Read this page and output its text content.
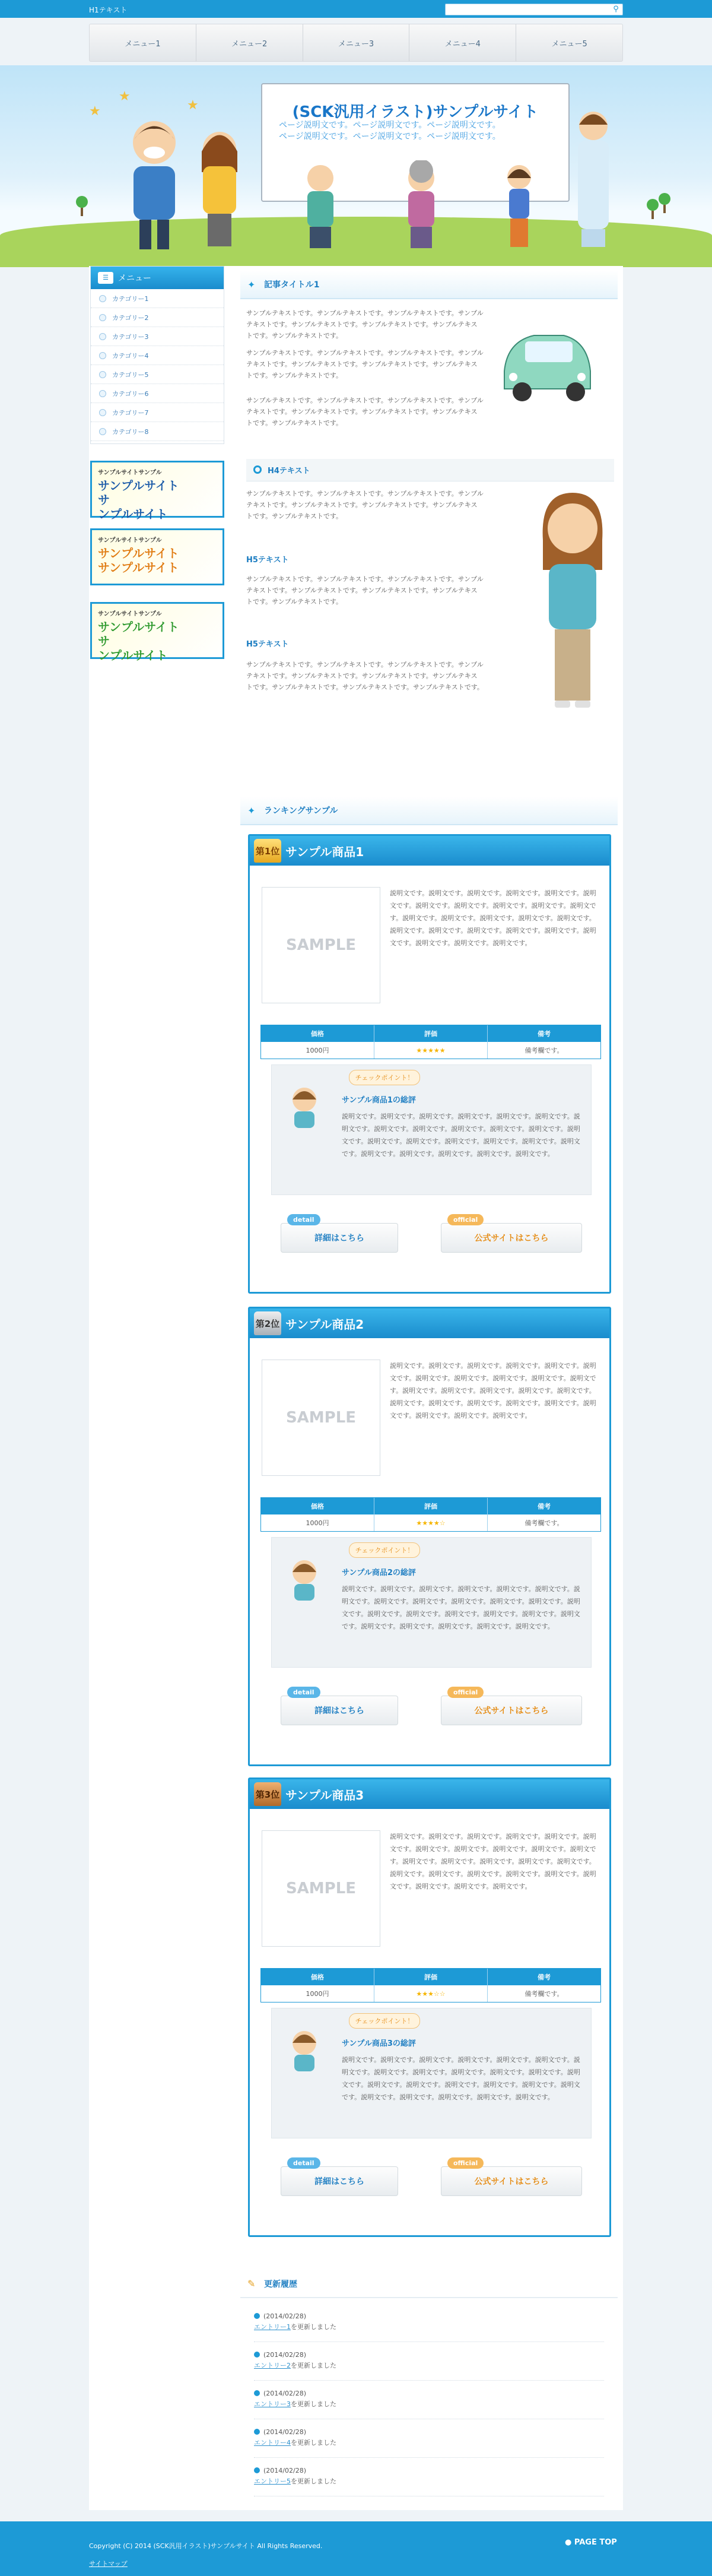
H1テキスト	⚲
メニュー1	メニュー2	メニュー3	メニュー4	メニュー5
★	★
★
(SCK汎用イラスト)サンプルサイト
ページ説明文です。ページ説明文です。ページ説明文です。
ページ説明文です。ページ説明文です。ページ説明文です。
☰	メニュー
カテゴリー1
カテゴリー2
カテゴリー3
カテゴリー4
カテゴリー5
カテゴリー6
カテゴリー7
カテゴリー8
サンプルサイトサンプル
サンプルサイトサ
ンプルサイト
サンプルサイトサンプル
サンプルサイト
サンプルサイト
サンプルサイトサンプル
サンプルサイトサ
ンプルサイト
✦ 記事タイトル1
サンプルテキストです。サンプルテキストです。サンプルテキストです。サンプルテキストです。サンプルテキストです。サンプルテキストです。サンプルテキストです。サンプルテキストです。
サンプルテキストです。サンプルテキストです。サンプルテキストです。サンプルテキストです。サンプルテキストです。サンプルテキストです。サンプルテキストです。サンプルテキストです。
サンプルテキストです。サンプルテキストです。サンプルテキストです。サンプルテキストです。サンプルテキストです。サンプルテキストです。サンプルテキストです。サンプルテキストです。
H4テキスト
サンプルテキストです。サンプルテキストです。サンプルテキストです。サンプルテキストです。サンプルテキストです。サンプルテキストです。サンプルテキストです。サンプルテキストです。
H5テキスト
サンプルテキストです。サンプルテキストです。サンプルテキストです。サンプルテキストです。サンプルテキストです。サンプルテキストです。サンプルテキストです。サンプルテキストです。
H5テキスト
サンプルテキストです。サンプルテキストです。サンプルテキストです。サンプルテキストです。サンプルテキストです。サンプルテキストです。サンプルテキストです。サンプルテキストです。サンプルテキストです。サンプルテキストです。
✦ ランキングサンプル
第1位 サンプル商品1
SAMPLE
説明文です。説明文です。説明文です。説明文です。説明文です。説明文です。説明文です。説明文です。説明文です。説明文です。説明文です。説明文です。説明文です。説明文です。説明文です。説明文です。説明文です。説明文です。説明文です。説明文です。説明文です。説明文です。説明文です。説明文です。説明文です。
価格	評価	備考
1000円	★★★★★	備考欄です。
チェックポイント！
サンプル商品1の総評
説明文です。説明文です。説明文です。説明文です。説明文です。説明文です。説明文です。説明文です。説明文です。説明文です。説明文です。説明文です。説明文です。説明文です。説明文です。説明文です。説明文です。説明文です。説明文です。説明文です。説明文です。説明文です。説明文です。説明文です。
detail
詳細はこちら
official
公式サイトはこちら
第2位 サンプル商品2
SAMPLE
説明文です。説明文です。説明文です。説明文です。説明文です。説明文です。説明文です。説明文です。説明文です。説明文です。説明文です。説明文です。説明文です。説明文です。説明文です。説明文です。説明文です。説明文です。説明文です。説明文です。説明文です。説明文です。説明文です。説明文です。説明文です。
価格	評価	備考
1000円	★★★★☆	備考欄です。
チェックポイント！
サンプル商品2の総評
説明文です。説明文です。説明文です。説明文です。説明文です。説明文です。説明文です。説明文です。説明文です。説明文です。説明文です。説明文です。説明文です。説明文です。説明文です。説明文です。説明文です。説明文です。説明文です。説明文です。説明文です。説明文です。説明文です。説明文です。
detail
詳細はこちら
official
公式サイトはこちら
第3位 サンプル商品3
SAMPLE
説明文です。説明文です。説明文です。説明文です。説明文です。説明文です。説明文です。説明文です。説明文です。説明文です。説明文です。説明文です。説明文です。説明文です。説明文です。説明文です。説明文です。説明文です。説明文です。説明文です。説明文です。説明文です。説明文です。説明文です。説明文です。
価格	評価	備考
1000円	★★★☆☆	備考欄です。
チェックポイント！
サンプル商品3の総評
説明文です。説明文です。説明文です。説明文です。説明文です。説明文です。説明文です。説明文です。説明文です。説明文です。説明文です。説明文です。説明文です。説明文です。説明文です。説明文です。説明文です。説明文です。説明文です。説明文です。説明文です。説明文です。説明文です。説明文です。
detail
詳細はこちら
official
公式サイトはこちら
✎ 更新履歴
(2014/02/28)
エントリー1を更新しました
(2014/02/28)
エントリー2を更新しました
(2014/02/28)
エントリー3を更新しました
(2014/02/28)
エントリー4を更新しました
(2014/02/28)
エントリー5を更新しました
Copyright (C) 2014 (SCK汎用イラスト)サンプルサイト All Rights Reserved.	● PAGE TOP
サイトマップ
